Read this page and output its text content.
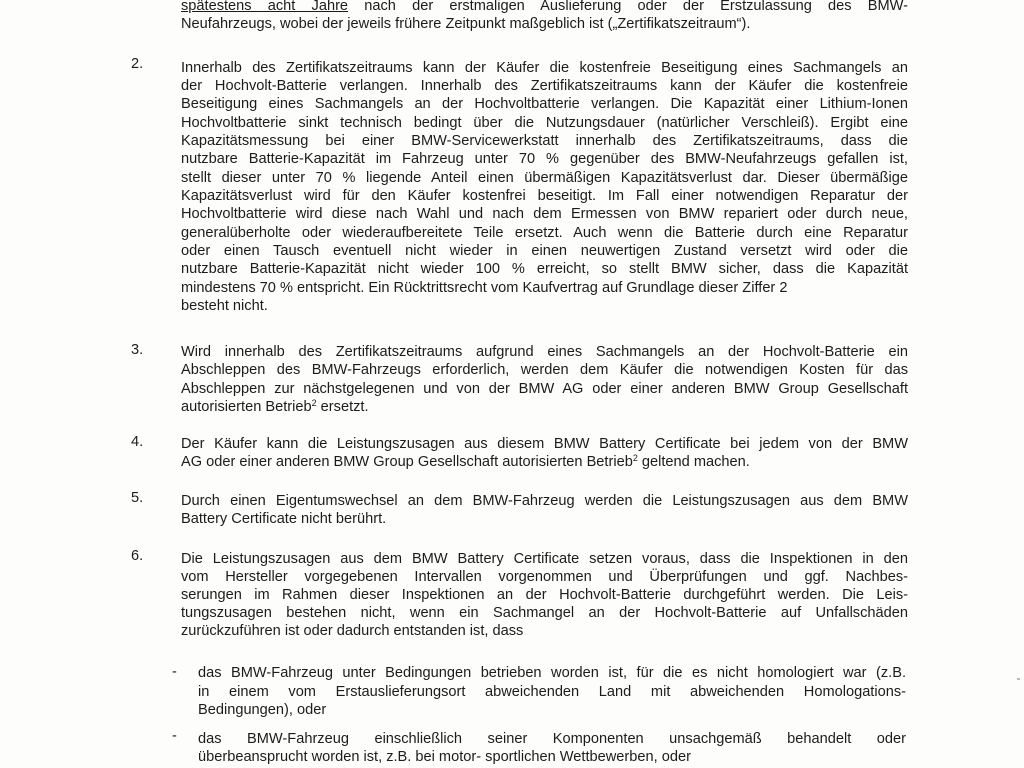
spätestens acht Jahre nach der erstmaligen Auslieferung oder der Erstzulassung des BMW-
Neufahrzeugs, wobei der jeweils frühere Zeitpunkt maßgeblich ist („Zertifikatszeitraum“).
2.	Innerhalb des Zertifikatszeitraums kann der Käufer die kostenfreie Beseitigung eines Sachmangels an
der Hochvolt-Batterie verlangen. Innerhalb des Zertifikatszeitraums kann der Käufer die kostenfreie
Beseitigung eines Sachmangels an der Hochvoltbatterie verlangen. Die Kapazität einer Lithium-Ionen
Hochvoltbatterie sinkt technisch bedingt über die Nutzungsdauer (natürlicher Verschleiß). Ergibt eine
Kapazitätsmessung bei einer BMW-Servicewerkstatt innerhalb des Zertifikatszeitraums, dass die
nutzbare Batterie-Kapazität im Fahrzeug unter 70 % gegenüber des BMW-Neufahrzeugs gefallen ist,
stellt dieser unter 70 % liegende Anteil einen übermäßigen Kapazitätsverlust dar. Dieser übermäßige
Kapazitätsverlust wird für den Käufer kostenfrei beseitigt. Im Fall einer notwendigen Reparatur der
Hochvoltbatterie wird diese nach Wahl und nach dem Ermessen von BMW repariert oder durch neue,
generalüberholte oder wiederaufbereitete Teile ersetzt. Auch wenn die Batterie durch eine Reparatur
oder einen Tausch eventuell nicht wieder in einen neuwertigen Zustand versetzt wird oder die
nutzbare Batterie-Kapazität nicht wieder 100 % erreicht, so stellt BMW sicher, dass die Kapazität
mindestens 70 % entspricht. Ein Rücktrittsrecht vom Kaufvertrag auf Grundlage dieser Ziffer 2
besteht nicht.
3.	Wird innerhalb des Zertifikatszeitraums aufgrund eines Sachmangels an der Hochvolt-Batterie ein
Abschleppen des BMW-Fahrzeugs erforderlich, werden dem Käufer die notwendigen Kosten für das
Abschleppen zur nächstgelegenen und von der BMW AG oder einer anderen BMW Group Gesellschaft
autorisierten Betrieb$^2$ ersetzt.
4.	Der Käufer kann die Leistungszusagen aus diesem BMW Battery Certificate bei jedem von der BMW
AG oder einer anderen BMW Group Gesellschaft autorisierten Betrieb$^2$ geltend machen.
5.	Durch einen Eigentumswechsel an dem BMW-Fahrzeug werden die Leistungszusagen aus dem BMW
Battery Certificate nicht berührt.
6.	Die Leistungszusagen aus dem BMW Battery Certificate setzen voraus, dass die Inspektionen in den
vom Hersteller vorgegebenen Intervallen vorgenommen und Überprüfungen und ggf. Nachbes-
serungen im Rahmen dieser Inspektionen an der Hochvolt-Batterie durchgeführt werden. Die Leis-
tungszusagen bestehen nicht, wenn ein Sachmangel an der Hochvolt-Batterie auf Unfallschäden
zurückzuführen ist oder dadurch entstanden ist, dass
- das BMW-Fahrzeug unter Bedingungen betrieben worden ist, für die es nicht homologiert war (z.B.
in einem vom Erstauslieferungsort abweichenden Land mit abweichenden Homologations-
Bedingungen), oder
- das BMW-Fahrzeug einschließlich seiner Komponenten unsachgemäß behandelt oder
überbeansprucht worden ist, z.B. bei motor- sportlichen Wettbewerben, oder
